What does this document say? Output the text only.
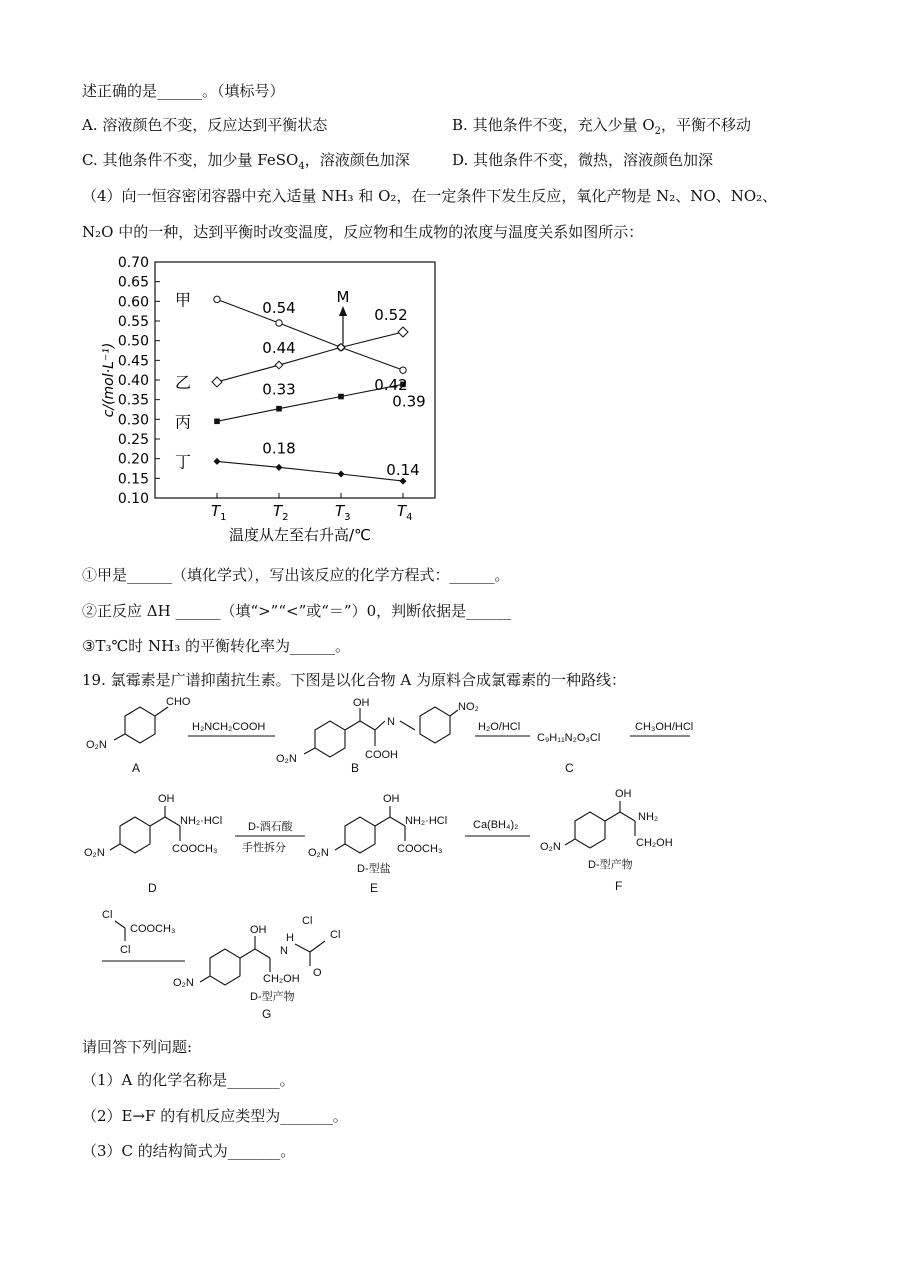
述正确的是______。（填标号）
A. 溶液颜色不变，反应达到平衡状态	B. 其他条件不变，充入少量 $O_2$，平衡不移动
C. 其他条件不变，加少量 FeSO$_4$，溶液颜色加深	D. 其他条件不变，微热，溶液颜色加深
（4）向一恒容密闭容器中充入适量 NH₃ 和 O₂，在一定条件下发生反应，氧化产物是 N₂、NO、NO₂、
N₂O 中的一种，达到平衡时改变温度，反应物和生成物的浓度与温度关系如图所示：
0.70
0.65
0.60
0.55
0.50
0.45
0.40
0.35
0.30
0.25
0.20
0.15
0.10
$T_1$	$T_2$	$T_3$	$T_4$
甲
乙
丙
丁
0.54
0.44
0.52
0.42
0.33
0.39
0.18
0.14
c/(mol·L⁻¹)
温度从左至右升高/℃
M
①甲是______（填化学式），写出该反应的化学方程式：______。
②正反应 ΔH ______（填“>”“<”或“＝”）0，判断依据是______
③T₃℃时 NH₃ 的平衡转化率为______。
19. 氯霉素是广谱抑菌抗生素。下图是以化合物 A 为原料合成氯霉素的一种路线：
CHO
O₂N
A
H₂NCH₂COOH
OH
N
NO₂
COOH
O₂N
B
H₂O/HCl
C₉H₁₁N₂O₃Cl
C
CH₃OH/HCl
OH
NH₂·HCl
COOCH₃
O₂N
D
D-酒石酸
手性拆分
OH
NH₂·HCl
COOCH₃
O₂N
D-型盐
E
Ca(BH₄)₂
OH
NH₂
CH₂OH
O₂N
D-型产物
F
Cl
COOCH₃
Cl
OH
H
N
Cl
Cl
O
CH₂OH
O₂N
D-型产物
G
请回答下列问题:
（1）A 的化学名称是_______。
（2）E→F 的有机反应类型为_______。
（3）C 的结构简式为_______。
